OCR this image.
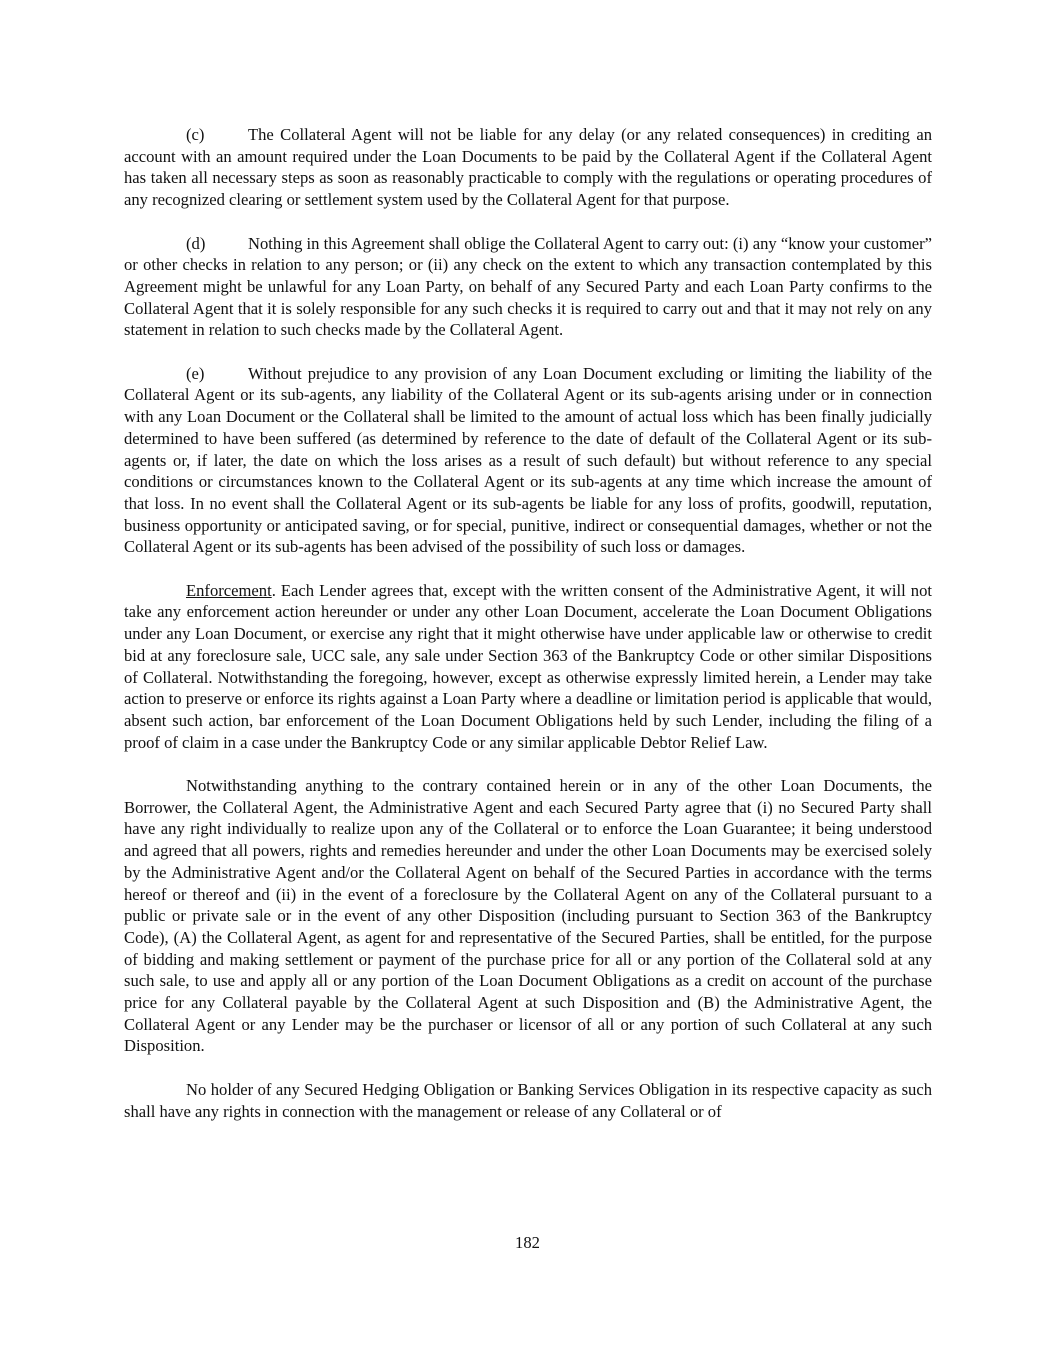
(c)	The Collateral Agent will not be liable for any delay (or any related consequences) in crediting an account with an amount required under the Loan Documents to be paid by the Collateral Agent if the Collateral Agent has taken all necessary steps as soon as reasonably practicable to comply with the regulations or operating procedures of any recognized clearing or settlement system used by the Collateral Agent for that purpose.

(d)	Nothing in this Agreement shall oblige the Collateral Agent to carry out: (i) any “know your customer” or other checks in relation to any person; or (ii) any check on the extent to which any transaction contemplated by this Agreement might be unlawful for any Loan Party, on behalf of any Secured Party and each Loan Party confirms to the Collateral Agent that it is solely responsible for any such checks it is required to carry out and that it may not rely on any statement in relation to such checks made by the Collateral Agent.

(e)	Without prejudice to any provision of any Loan Document excluding or limiting the liability of the Collateral Agent or its sub-agents, any liability of the Collateral Agent or its sub-agents arising under or in connection with any Loan Document or the Collateral shall be limited to the amount of actual loss which has been finally judicially determined to have been suffered (as determined by reference to the date of default of the Collateral Agent or its sub-agents or, if later, the date on which the loss arises as a result of such default) but without reference to any special conditions or circumstances known to the Collateral Agent or its sub-agents at any time which increase the amount of that loss. In no event shall the Collateral Agent or its sub-agents be liable for any loss of profits, goodwill, reputation, business opportunity or anticipated saving, or for special, punitive, indirect or consequential damages, whether or not the Collateral Agent or its sub-agents has been advised of the possibility of such loss or damages.

Enforcement. Each Lender agrees that, except with the written consent of the Administrative Agent, it will not take any enforcement action hereunder or under any other Loan Document, accelerate the Loan Document Obligations under any Loan Document, or exercise any right that it might otherwise have under applicable law or otherwise to credit bid at any foreclosure sale, UCC sale, any sale under Section 363 of the Bankruptcy Code or other similar Dispositions of Collateral. Notwithstanding the foregoing, however, except as otherwise expressly limited herein, a Lender may take action to preserve or enforce its rights against a Loan Party where a deadline or limitation period is applicable that would, absent such action, bar enforcement of the Loan Document Obligations held by such Lender, including the filing of a proof of claim in a case under the Bankruptcy Code or any similar applicable Debtor Relief Law.

Notwithstanding anything to the contrary contained herein or in any of the other Loan Documents, the Borrower, the Collateral Agent, the Administrative Agent and each Secured Party agree that (i) no Secured Party shall have any right individually to realize upon any of the Collateral or to enforce the Loan Guarantee; it being understood and agreed that all powers, rights and remedies hereunder and under the other Loan Documents may be exercised solely by the Administrative Agent and/or the Collateral Agent on behalf of the Secured Parties in accordance with the terms hereof or thereof and (ii) in the event of a foreclosure by the Collateral Agent on any of the Collateral pursuant to a public or private sale or in the event of any other Disposition (including pursuant to Section 363 of the Bankruptcy Code), (A) the Collateral Agent, as agent for and representative of the Secured Parties, shall be entitled, for the purpose of bidding and making settlement or payment of the purchase price for all or any portion of the Collateral sold at any such sale, to use and apply all or any portion of the Loan Document Obligations as a credit on account of the purchase price for any Collateral payable by the Collateral Agent at such Disposition and (B) the Administrative Agent, the Collateral Agent or any Lender may be the purchaser or licensor of all or any portion of such Collateral at any such Disposition.

No holder of any Secured Hedging Obligation or Banking Services Obligation in its respective capacity as such shall have any rights in connection with the management or release of any Collateral or of

182
